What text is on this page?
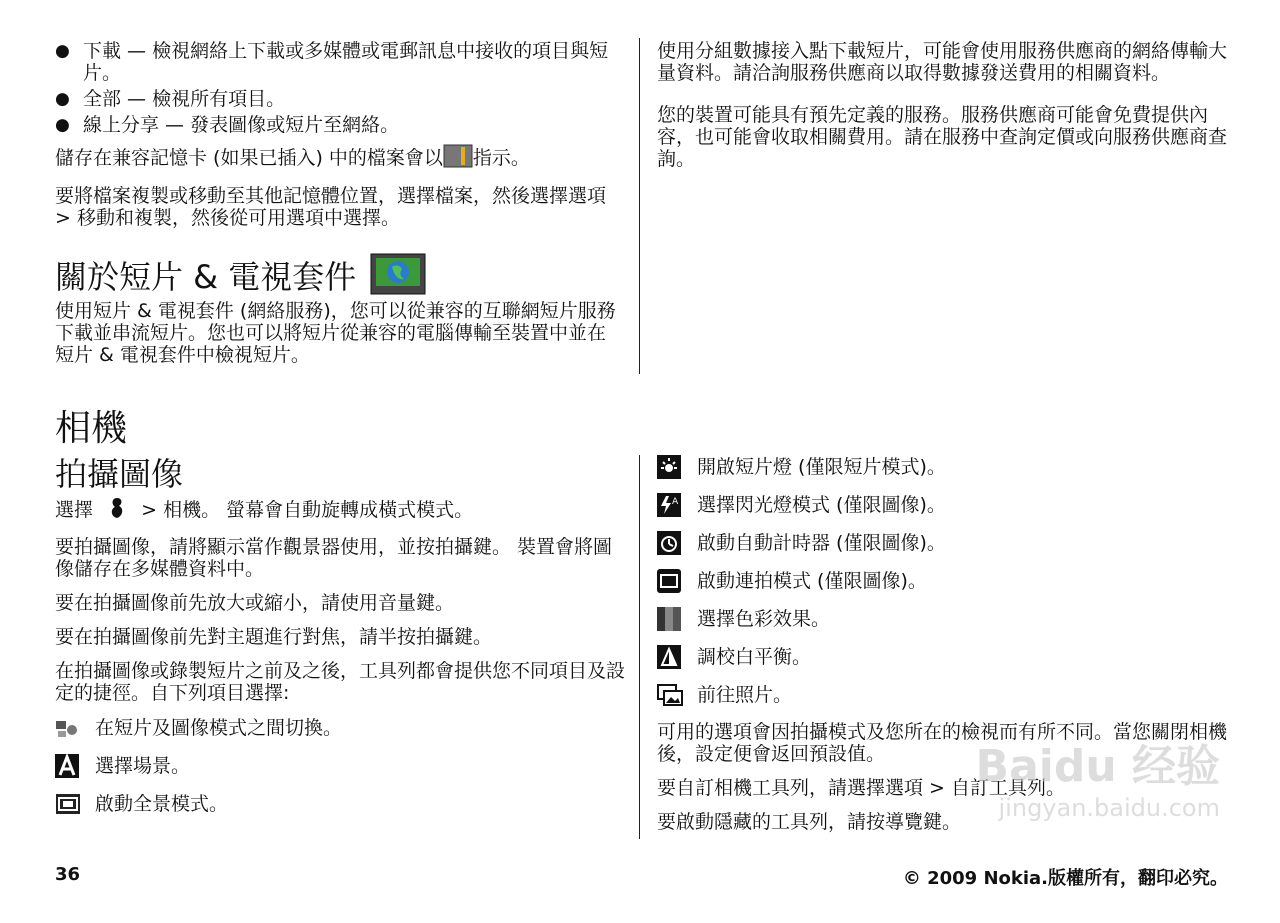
● 下載 — 檢視網絡上下載或多媒體或電郵訊息中接收的項目與短片。
● 全部 — 檢視所有項目。
● 線上分享 — 發表圖像或短片至網絡。

儲存在兼容記憶卡 (如果已插入) 中的檔案會以 指示。

要將檔案複製或移動至其他記憶體位置，選擇檔案，然後選擇選項 > 移動和複製，然後從可用選項中選擇。

關於短片 & 電視套件

使用短片 & 電視套件 (網絡服務)，您可以從兼容的互聯網短片服務下載並串流短片。您也可以將短片從兼容的電腦傳輸至裝置中並在短片 & 電視套件中檢視短片。

使用分組數據接入點下載短片，可能會使用服務供應商的網絡傳輸大量資料。請洽詢服務供應商以取得數據發送費用的相關資料。

您的裝置可能具有預先定義的服務。服務供應商可能會免費提供內容，也可能會收取相關費用。請在服務中查詢定價或向服務供應商查詢。

相機
拍攝圖像

選擇	> 相機。 螢幕會自動旋轉成橫式模式。

要拍攝圖像，請將顯示當作觀景器使用，並按拍攝鍵。 裝置會將圖像儲存在多媒體資料中。

要在拍攝圖像前先放大或縮小，請使用音量鍵。

要在拍攝圖像前先對主題進行對焦，請半按拍攝鍵。

在拍攝圖像或錄製短片之前及之後，工具列都會提供您不同項目及設定的捷徑。自下列項目選擇:

在短片及圖像模式之間切換。
選擇場景。
啟動全景模式。
開啟短片燈 (僅限短片模式)。
A 選擇閃光燈模式 (僅限圖像)。
啟動自動計時器 (僅限圖像)。
啟動連拍模式 (僅限圖像)。
選擇色彩效果。
調校白平衡。
前往照片。

可用的選項會因拍攝模式及您所在的檢視而有所不同。當您關閉相機後，設定便會返回預設值。

要自訂相機工具列，請選擇選項 > 自訂工具列。

要啟動隱藏的工具列，請按導覽鍵。

Baidu 经验
jingyan.baidu.com
36	© 2009 Nokia.版權所有，翻印必究。
